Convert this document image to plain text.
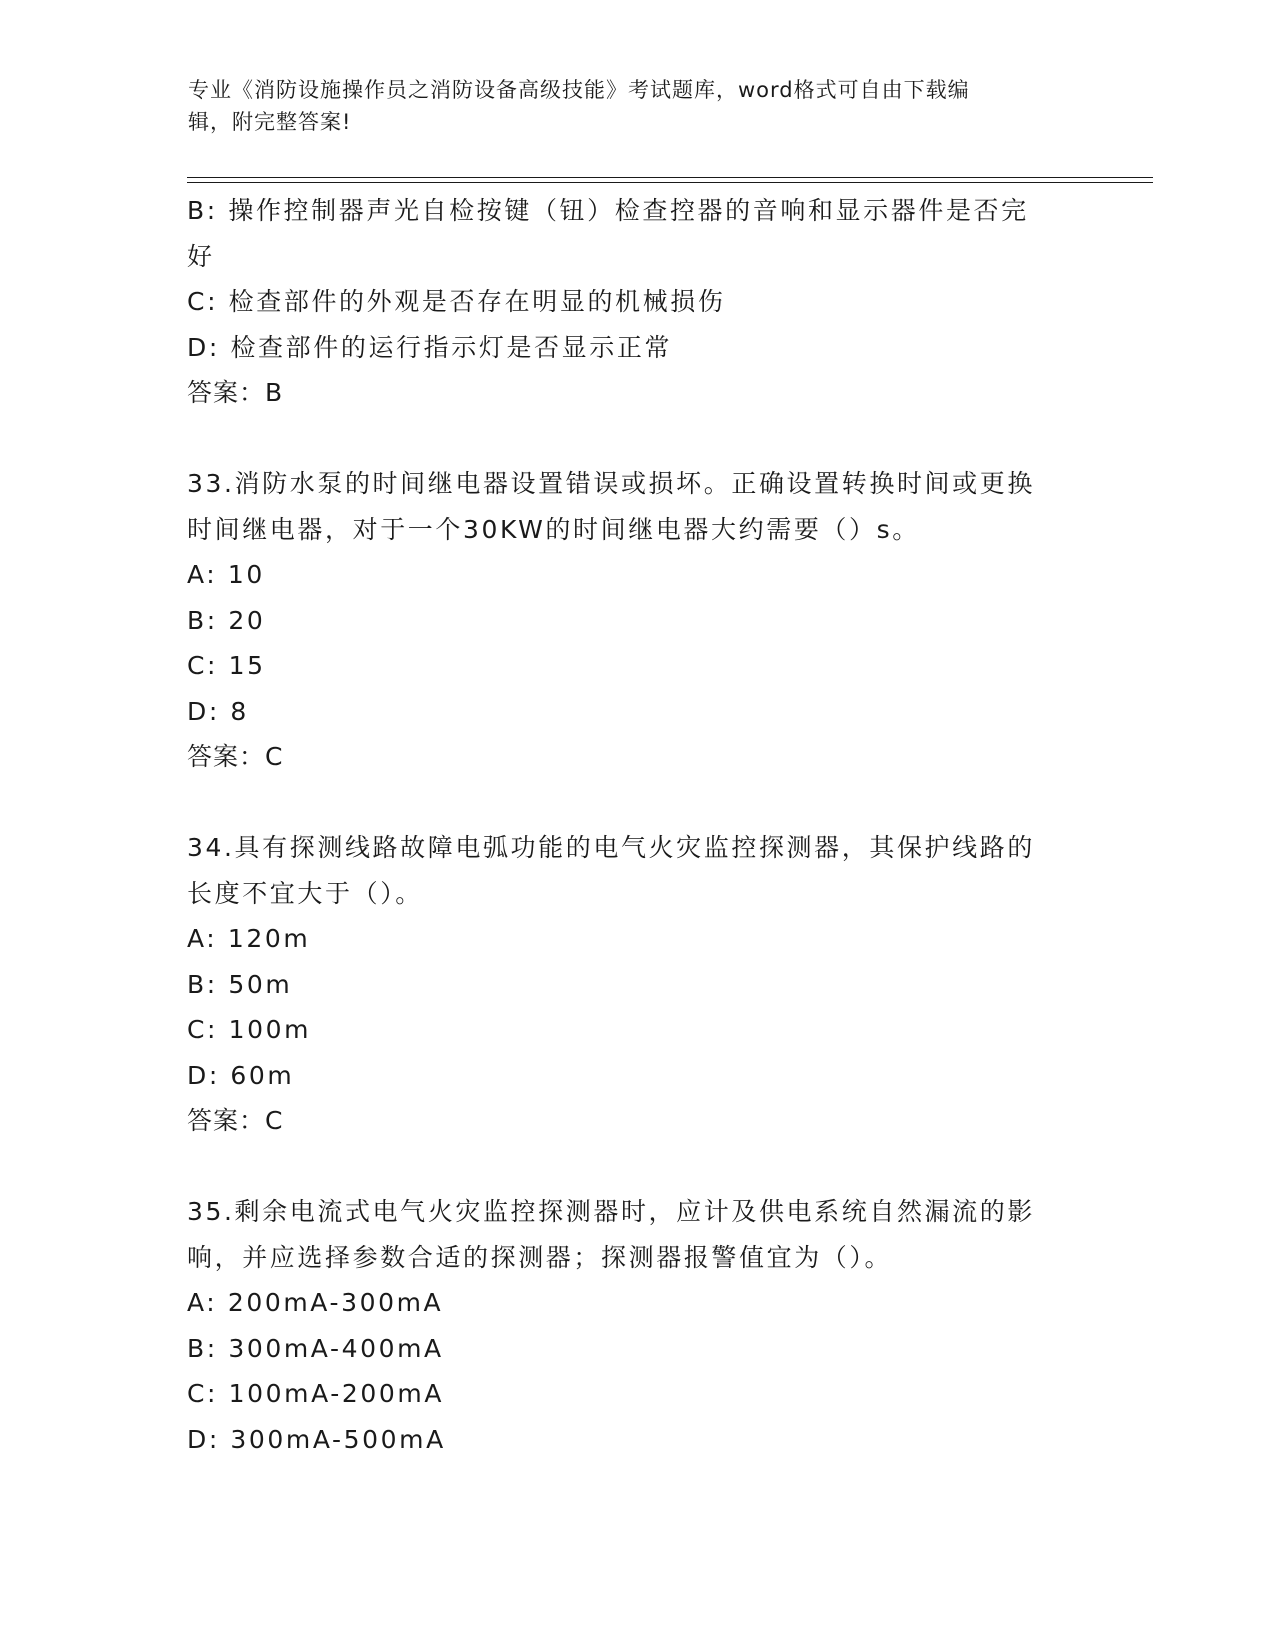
专业《消防设施操作员之消防设备高级技能》考试题库，word格式可自由下载编
辑，附完整答案!
B: 操作控制器声光自检按键（钮）检查控器的音响和显示器件是否完
好
C: 检查部件的外观是否存在明显的机械损伤
D: 检查部件的运行指示灯是否显示正常
答案：B
33.消防水泵的时间继电器设置错误或损坏。正确设置转换时间或更换
时间继电器，对于一个30KW的时间继电器大约需要（）s。
A: 10
B: 20
C: 15
D: 8
答案：C
34.具有探测线路故障电弧功能的电气火灾监控探测器，其保护线路的
长度不宜大于（）。
A: 120m
B: 50m
C: 100m
D: 60m
答案：C
35.剩余电流式电气火灾监控探测器时，应计及供电系统自然漏流的影
响，并应选择参数合适的探测器；探测器报警值宜为（）。
A: 200mA-300mA
B: 300mA-400mA
C: 100mA-200mA
D: 300mA-500mA
